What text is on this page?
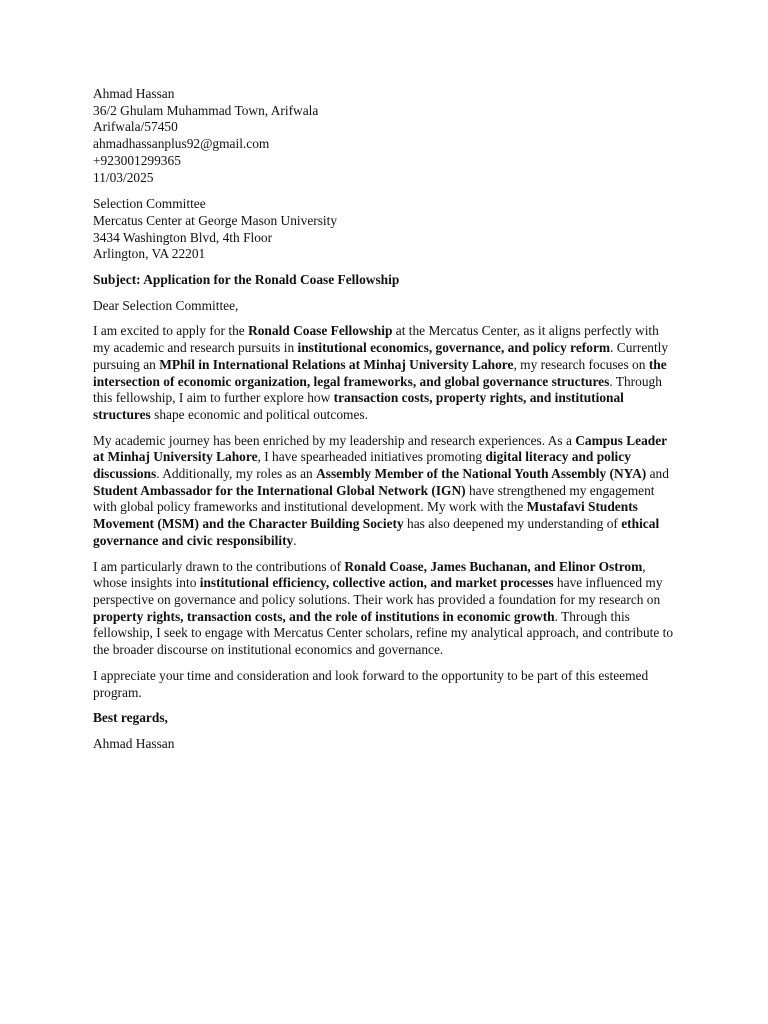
Ahmad Hassan
36/2 Ghulam Muhammad Town, Arifwala
Arifwala/57450
ahmadhassanplus92@gmail.com
+923001299365
11/03/2025
Selection Committee
Mercatus Center at George Mason University
3434 Washington Blvd, 4th Floor
Arlington, VA 22201

Subject: Application for the Ronald Coase Fellowship

Dear Selection Committee,

I am excited to apply for the Ronald Coase Fellowship at the Mercatus Center, as it aligns perfectly with my academic and research pursuits in institutional economics, governance, and policy reform. Currently pursuing an MPhil in International Relations at Minhaj University Lahore, my research focuses on the intersection of economic organization, legal frameworks, and global governance structures. Through this fellowship, I aim to further explore how transaction costs, property rights, and institutional structures shape economic and political outcomes.

My academic journey has been enriched by my leadership and research experiences. As a Campus Leader at Minhaj University Lahore, I have spearheaded initiatives promoting digital literacy and policy discussions. Additionally, my roles as an Assembly Member of the National Youth Assembly (NYA) and Student Ambassador for the International Global Network (IGN) have strengthened my engagement with global policy frameworks and institutional development. My work with the Mustafavi Students Movement (MSM) and the Character Building Society has also deepened my understanding of ethical governance and civic responsibility.

I am particularly drawn to the contributions of Ronald Coase, James Buchanan, and Elinor Ostrom, whose insights into institutional efficiency, collective action, and market processes have influenced my perspective on governance and policy solutions. Their work has provided a foundation for my research on property rights, transaction costs, and the role of institutions in economic growth. Through this fellowship, I seek to engage with Mercatus Center scholars, refine my analytical approach, and contribute to the broader discourse on institutional economics and governance.

I appreciate your time and consideration and look forward to the opportunity to be part of this esteemed program.

Best regards,

Ahmad Hassan
